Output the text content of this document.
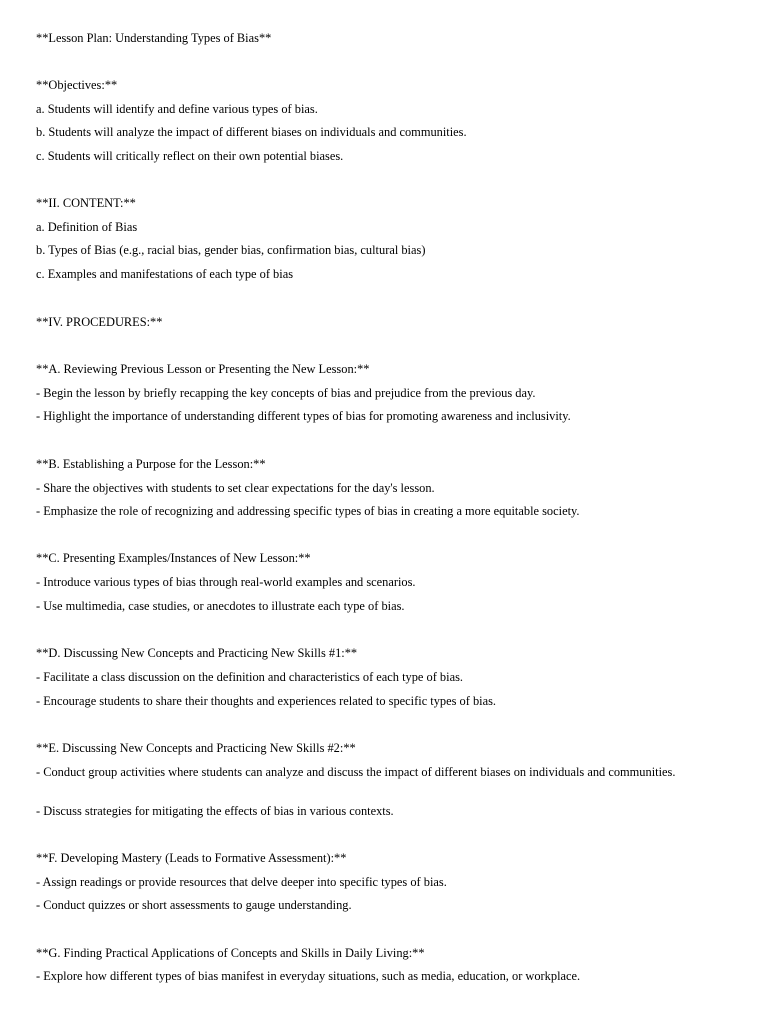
**Lesson Plan: Understanding Types of Bias**
**Objectives:**
a. Students will identify and define various types of bias.
b. Students will analyze the impact of different biases on individuals and communities.
c. Students will critically reflect on their own potential biases.
**II. CONTENT:**
a. Definition of Bias
b. Types of Bias (e.g., racial bias, gender bias, confirmation bias, cultural bias)
c. Examples and manifestations of each type of bias
**IV. PROCEDURES:**
**A. Reviewing Previous Lesson or Presenting the New Lesson:**
- Begin the lesson by briefly recapping the key concepts of bias and prejudice from the previous day.
- Highlight the importance of understanding different types of bias for promoting awareness and inclusivity.
**B. Establishing a Purpose for the Lesson:**
- Share the objectives with students to set clear expectations for the day's lesson.
- Emphasize the role of recognizing and addressing specific types of bias in creating a more equitable society.
**C. Presenting Examples/Instances of New Lesson:**
- Introduce various types of bias through real-world examples and scenarios.
- Use multimedia, case studies, or anecdotes to illustrate each type of bias.
**D. Discussing New Concepts and Practicing New Skills #1:**
- Facilitate a class discussion on the definition and characteristics of each type of bias.
- Encourage students to share their thoughts and experiences related to specific types of bias.
**E. Discussing New Concepts and Practicing New Skills #2:**
- Conduct group activities where students can analyze and discuss the impact of different biases on individuals and communities.
- Discuss strategies for mitigating the effects of bias in various contexts.
**F. Developing Mastery (Leads to Formative Assessment):**
- Assign readings or provide resources that delve deeper into specific types of bias.
- Conduct quizzes or short assessments to gauge understanding.
**G. Finding Practical Applications of Concepts and Skills in Daily Living:**
- Explore how different types of bias manifest in everyday situations, such as media, education, or workplace.
